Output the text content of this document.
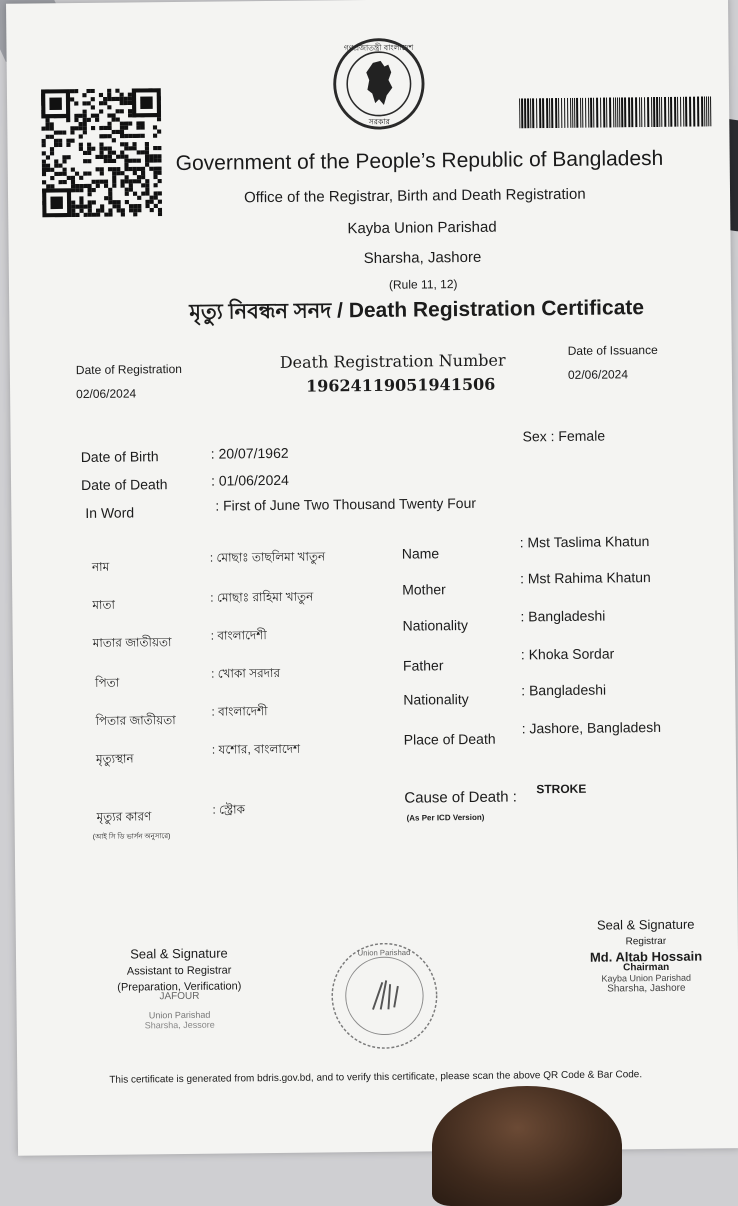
গণপ্রজাতন্ত্রী বাংলাদেশ
সরকার
Government of the People’s Republic of Bangladesh
Office of the Registrar, Birth and Death Registration
Kayba Union Parishad
Sharsha, Jashore
(Rule 11, 12)
মৃত্যু নিবন্ধন সনদ / Death Registration Certificate
Date of Registration
02/06/2024
Death Registration Number
19624119051941506
Date of Issuance
02/06/2024
Date of Birth	: 20/07/1962
Date of Death	: 01/06/2024
In Word	: First of June Two Thousand Twenty Four
Sex : Female
নাম
: মোছাঃ তাছলিমা খাতুন
মাতা
: মোছাঃ রাহিমা খাতুন
মাতার জাতীয়তা	: বাংলাদেশী
পিতা
: খোকা সরদার
পিতার জাতীয়তা
: বাংলাদেশী
মৃত্যুস্থান
: যশোর, বাংলাদেশ
Name
: Mst Taslima Khatun
Mother
: Mst Rahima Khatun
Nationality
: Bangladeshi
Father
: Khoka Sordar
Nationality
: Bangladeshi
Place of Death
: Jashore, Bangladesh
মৃত্যুর কারণ
(আই সি ডি ভার্সন অনুসারে)
: স্ট্রোক
Cause of Death : STROKE
(As Per ICD Version)
Seal & Signature
Assistant to Registrar
(Preparation, Verification)
JAFOUR
Union Parishad
Sharsha, Jessore
Union Parishad
Seal & Signature
Registrar
Md. Altab Hossain
Chairman
Kayba Union Parishad
Sharsha, Jashore
This certificate is generated from bdris.gov.bd, and to verify this certificate, please scan the above QR Code & Bar Code.
